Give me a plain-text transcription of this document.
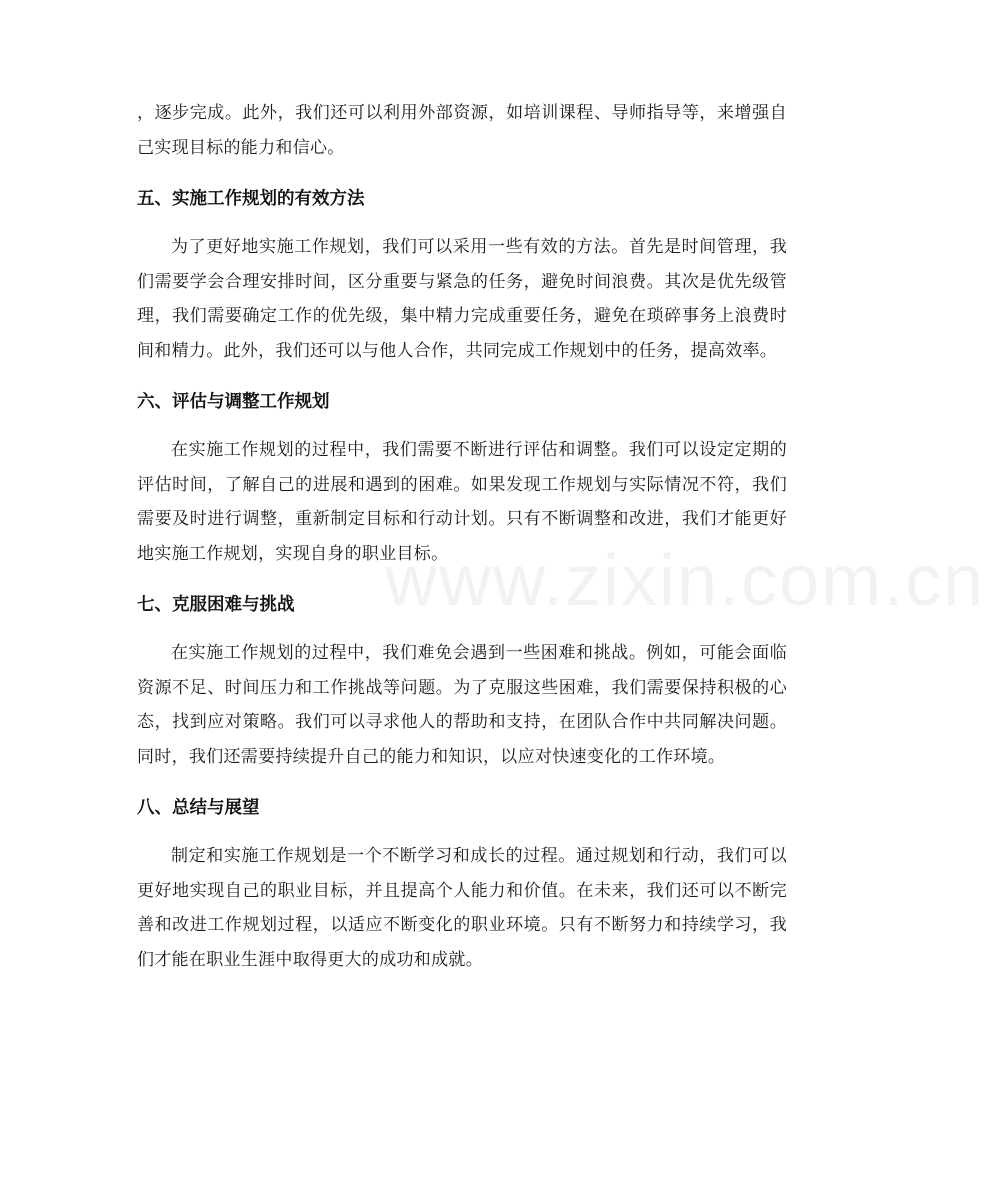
www.zixin.com.cn

，逐步完成。此外，我们还可以利用外部资源，如培训课程、导师指导等，来增强自己实现目标的能力和信心。

五、实施工作规划的有效方法

为了更好地实施工作规划，我们可以采用一些有效的方法。首先是时间管理，我们需要学会合理安排时间，区分重要与紧急的任务，避免时间浪费。其次是优先级管理，我们需要确定工作的优先级，集中精力完成重要任务，避免在琐碎事务上浪费时间和精力。此外，我们还可以与他人合作，共同完成工作规划中的任务，提高效率。

六、评估与调整工作规划

在实施工作规划的过程中，我们需要不断进行评估和调整。我们可以设定定期的评估时间，了解自己的进展和遇到的困难。如果发现工作规划与实际情况不符，我们需要及时进行调整，重新制定目标和行动计划。只有不断调整和改进，我们才能更好地实施工作规划，实现自身的职业目标。

七、克服困难与挑战

在实施工作规划的过程中，我们难免会遇到一些困难和挑战。例如，可能会面临资源不足、时间压力和工作挑战等问题。为了克服这些困难，我们需要保持积极的心态，找到应对策略。我们可以寻求他人的帮助和支持，在团队合作中共同解决问题。同时，我们还需要持续提升自己的能力和知识，以应对快速变化的工作环境。

八、总结与展望

制定和实施工作规划是一个不断学习和成长的过程。通过规划和行动，我们可以更好地实现自己的职业目标，并且提高个人能力和价值。在未来，我们还可以不断完善和改进工作规划过程，以适应不断变化的职业环境。只有不断努力和持续学习，我们才能在职业生涯中取得更大的成功和成就。
